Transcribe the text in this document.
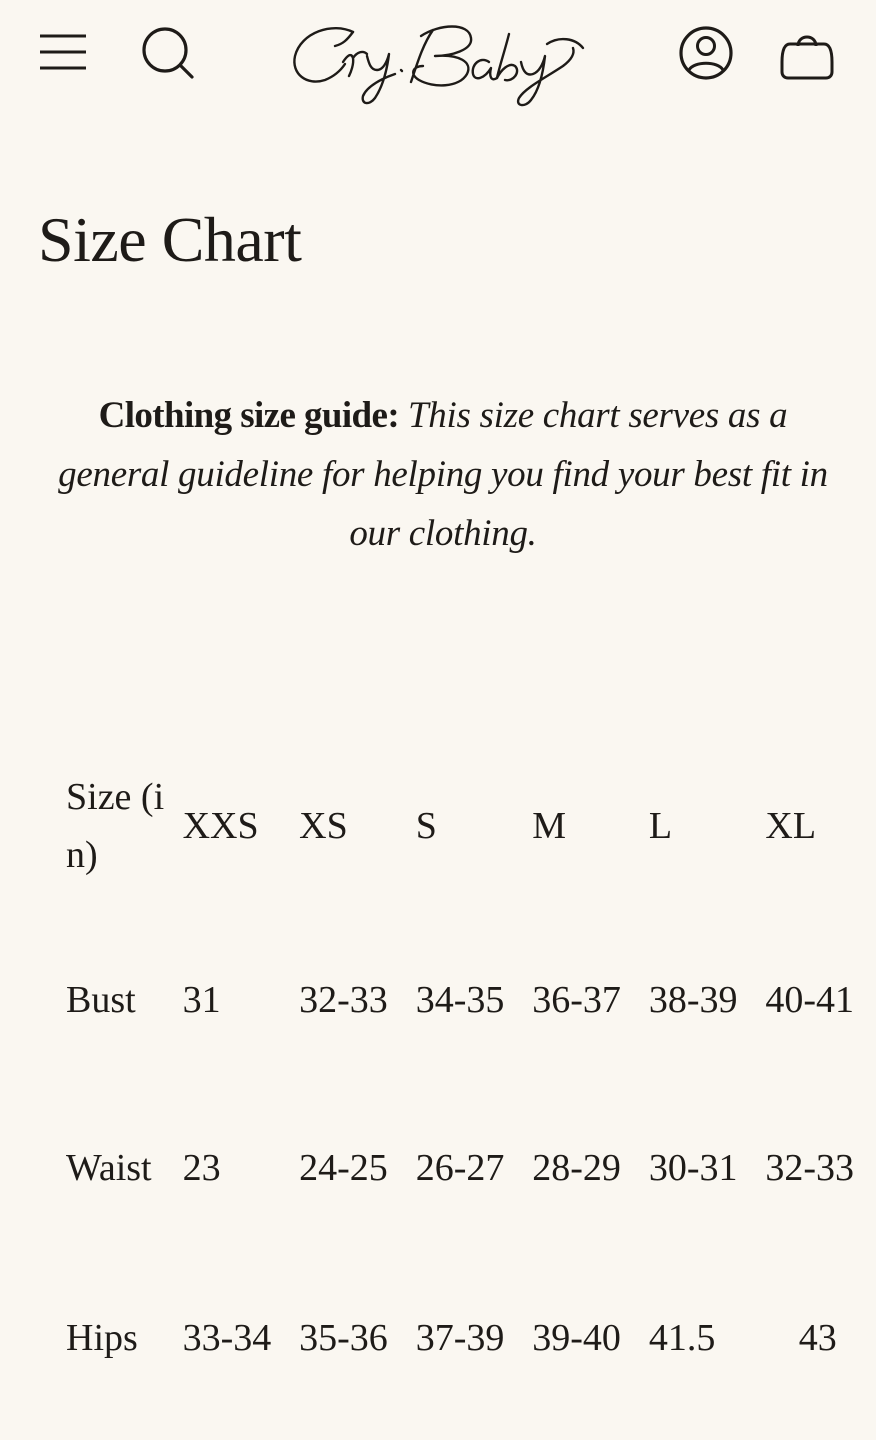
Size Chart

Clothing size guide: This size chart serves as a general guideline for helping you find your best fit in our clothing.

Size (in)	XXS	XS	S	M	L	XL
Bust	31	32-33	34-35	36-37	38-39	40-41
Waist	23	24-25	26-27	28-29	30-31	32-33
Hips	33-34	35-36	37-39	39-40	41.5	43
